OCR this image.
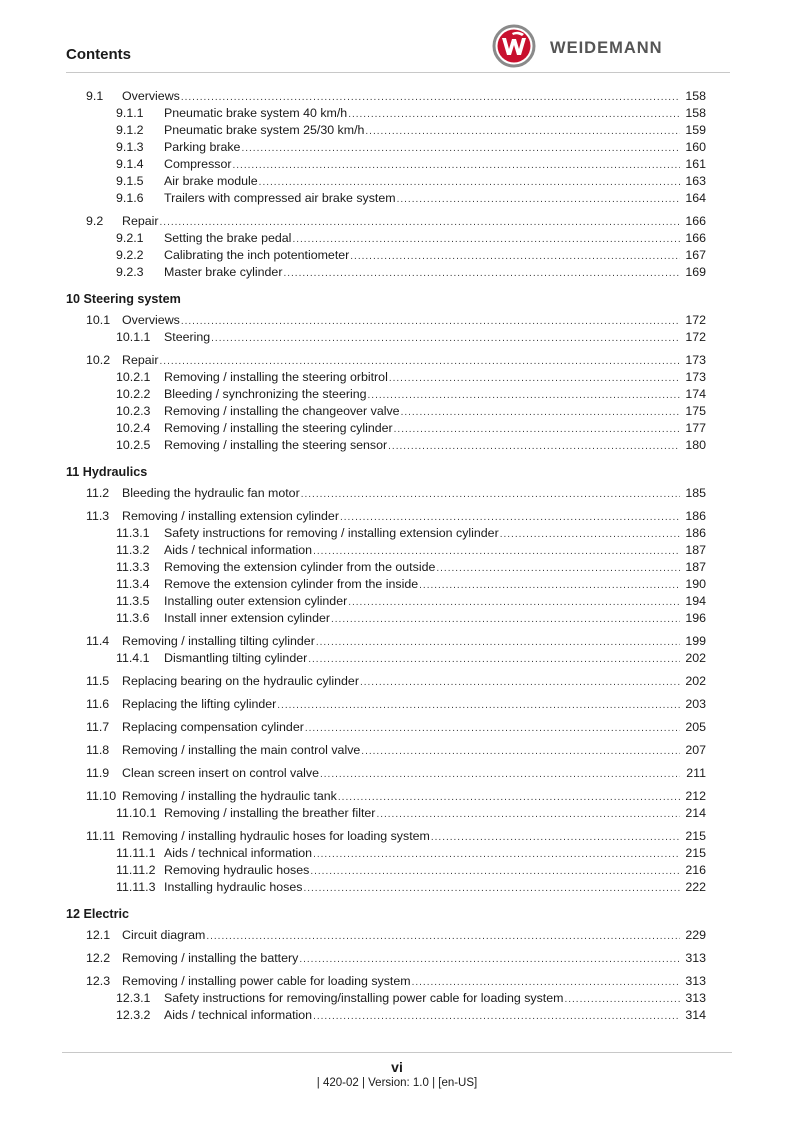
Contents	WEIDEMANN
9.1	Overviews .....	158
9.1.1	Pneumatic brake system 40 km/h .....	158
9.1.2	Pneumatic brake system 25/30 km/h .....	159
9.1.3	Parking brake .....	160
9.1.4	Compressor .....	161
9.1.5	Air brake module .....	163
9.1.6	Trailers with compressed air brake system .....	164
9.2	Repair .....	166
9.2.1	Setting the brake pedal .....	166
9.2.2	Calibrating the inch potentiometer .....	167
9.2.3	Master brake cylinder .....	169
10 Steering system
10.1 Overviews .....	172
10.1.1	Steering .....	172
10.2 Repair .....	173
10.2.1	Removing / installing the steering orbitrol .....	173
10.2.2	Bleeding / synchronizing the steering .....	174
10.2.3	Removing / installing the changeover valve .....	175
10.2.4	Removing / installing the steering cylinder .....	177
10.2.5	Removing / installing the steering sensor .....	180
11 Hydraulics
11.2	Bleeding the hydraulic fan motor .....	185
11.3	Removing / installing extension cylinder .....	186
11.3.1	Safety instructions for removing / installing extension cylinder .....	186
11.3.2	Aids / technical information .....	187
11.3.3	Removing the extension cylinder from the outside .....	187
11.3.4	Remove the extension cylinder from the inside .....	190
11.3.5	Installing outer extension cylinder .....	194
11.3.6	Install inner extension cylinder .....	196
11.4	Removing / installing tilting cylinder .....	199
11.4.1	Dismantling tilting cylinder .....	202
11.5	Replacing bearing on the hydraulic cylinder .....	202
11.6	Replacing the lifting cylinder .....	203
11.7	Replacing compensation cylinder .....	205
11.8	Removing / installing the main control valve .....	207
11.9	Clean screen insert on control valve .....	211
11.10 Removing / installing the hydraulic tank .....	212
11.10.1 Removing / installing the breather filter .....	214
11.11 Removing / installing hydraulic hoses for loading system .....	215
11.11.1 Aids / technical information .....	215
11.11.2 Removing hydraulic hoses .....	216
11.11.3 Installing hydraulic hoses .....	222
12 Electric
12.1 Circuit diagram .....	229
12.2 Removing / installing the battery .....	313
12.3 Removing / installing power cable for loading system .....	313
12.3.1	Safety instructions for removing/installing power cable for loading system .....	313
12.3.2	Aids / technical information .....	314
vi
| 420-02 | Version: 1.0 | [en-US]
